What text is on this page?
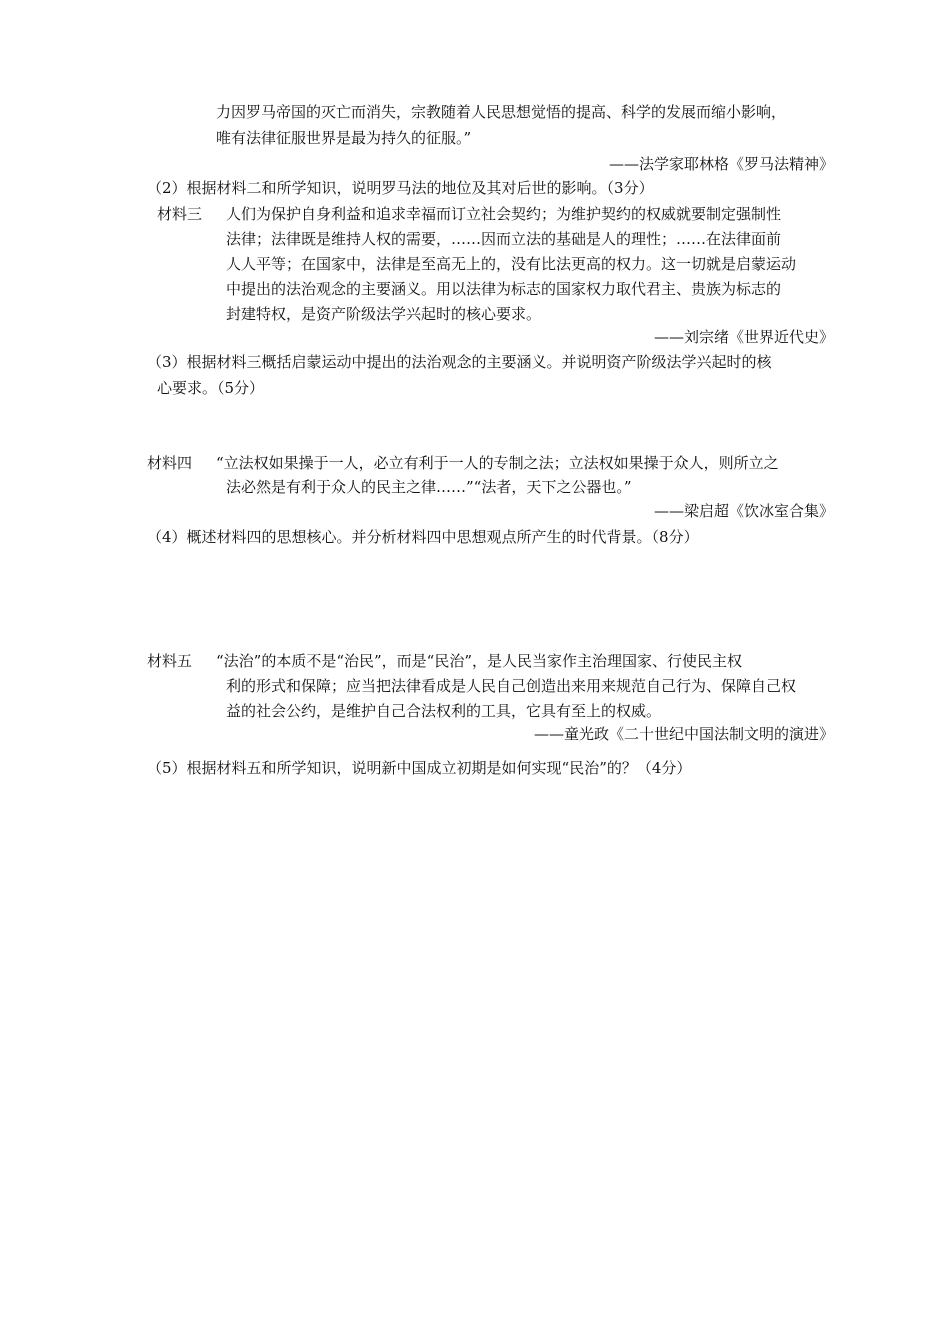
力因罗马帝国的灭亡而消失，宗教随着人民思想觉悟的提高、科学的发展而缩小影响，
唯有法律征服世界是最为持久的征服。”
——法学家耶林格《罗马法精神》
（2）根据材料二和所学知识，说明罗马法的地位及其对后世的影响。（3分）
材料三 人们为保护自身利益和追求幸福而订立社会契约；为维护契约的权威就要制定强制性
法律；法律既是维持人权的需要，……因而立法的基础是人的理性；……在法律面前
人人平等；在国家中，法律是至高无上的，没有比法更高的权力。这一切就是启蒙运动
中提出的法治观念的主要涵义。用以法律为标志的国家权力取代君主、贵族为标志的
封建特权，是资产阶级法学兴起时的核心要求。
——刘宗绪《世界近代史》
（3）根据材料三概括启蒙运动中提出的法治观念的主要涵义。并说明资产阶级法学兴起时的核
心要求。（5分）
材料四 “立法权如果操于一人，必立有利于一人的专制之法；立法权如果操于众人，则所立之
法必然是有利于众人的民主之律……”“法者，天下之公器也。”
——梁启超《饮冰室合集》
（4）概述材料四的思想核心。并分析材料四中思想观点所产生的时代背景。（8分）
材料五 “法治”的本质不是“治民”，而是“民治”，是人民当家作主治理国家、行使民主权
利的形式和保障；应当把法律看成是人民自己创造出来用来规范自己行为、保障自己权
益的社会公约，是维护自己合法权利的工具，它具有至上的权威。
——童光政《二十世纪中国法制文明的演进》
（5）根据材料五和所学知识，说明新中国成立初期是如何实现“民治”的？（4分）
